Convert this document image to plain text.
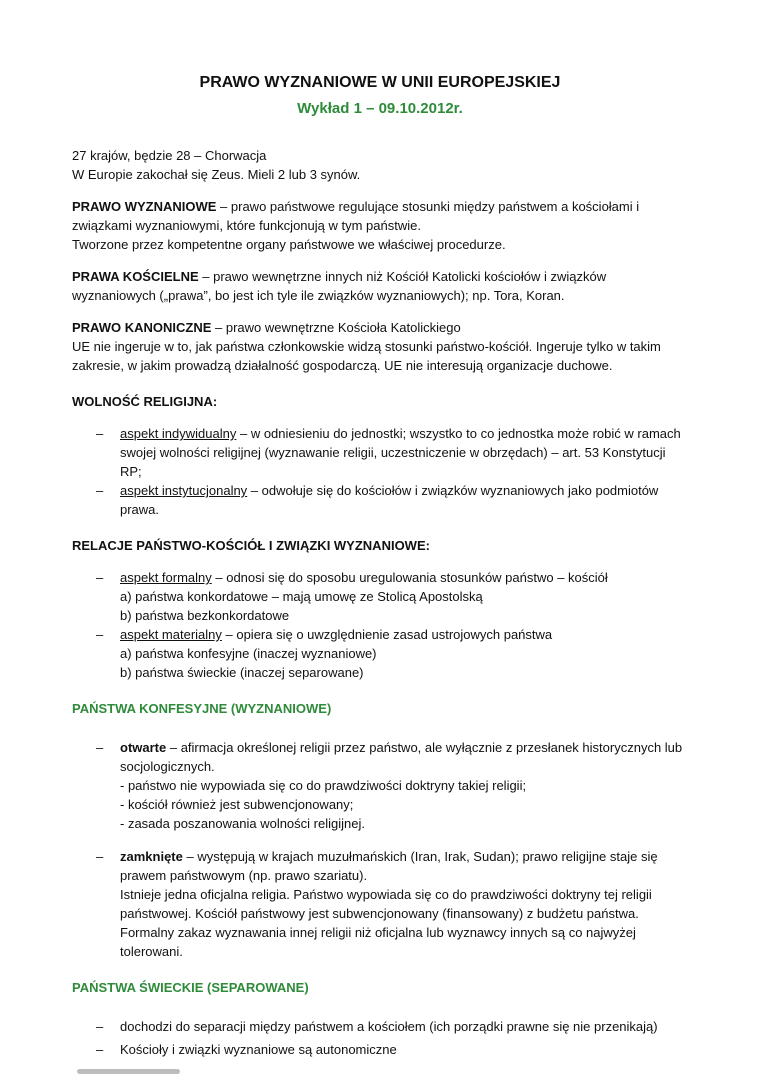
PRAWO WYZNANIOWE W UNII EUROPEJSKIEJ
Wykład 1 – 09.10.2012r.

27 krajów, będzie 28 – Chorwacja
W Europie zakochał się Zeus. Mieli 2 lub 3 synów.

PRAWO WYZNANIOWE – prawo państwowe regulujące stosunki między państwem a kościołami i związkami wyznaniowymi, które funkcjonują w tym państwie.
Tworzone przez kompetentne organy państwowe we właściwej procedurze.

PRAWA KOŚCIELNE – prawo wewnętrzne innych niż Kościół Katolicki kościołów i związków wyznaniowych („prawa”, bo jest ich tyle ile związków wyznaniowych); np. Tora, Koran.

PRAWO KANONICZNE – prawo wewnętrzne Kościoła Katolickiego
UE nie ingeruje w to, jak państwa członkowskie widzą stosunki państwo-kościół. Ingeruje tylko w takim zakresie, w jakim prowadzą działalność gospodarczą. UE nie interesują organizacje duchowe.

WOLNOŚĆ RELIGIJNA:

–	aspekt indywidualny – w odniesieniu do jednostki; wszystko to co jednostka może robić w ramach swojej wolności religijnej (wyznawanie religii, uczestniczenie w obrzędach) – art. 53 Konstytucji RP;
–	aspekt instytucjonalny – odwołuje się do kościołów i związków wyznaniowych jako podmiotów prawa.

RELACJE PAŃSTWO-KOŚCIÓŁ I ZWIĄZKI WYZNANIOWE:

–	aspekt formalny – odnosi się do sposobu uregulowania stosunków państwo – kościół
a) państwa konkordatowe – mają umowę ze Stolicą Apostolską
b) państwa bezkonkordatowe
–	aspekt materialny – opiera się o uwzględnienie zasad ustrojowych państwa
a) państwa konfesyjne (inaczej wyznaniowe)
b) państwa świeckie (inaczej separowane)

PAŃSTWA KONFESYJNE (WYZNANIOWE)

–	otwarte – afirmacja określonej religii przez państwo, ale wyłącznie z przesłanek historycznych lub socjologicznych.
- państwo nie wypowiada się co do prawdziwości doktryny takiej religii;
- kościół również jest subwencjonowany;
- zasada poszanowania wolności religijnej.
–	zamknięte – występują w krajach muzułmańskich (Iran, Irak, Sudan); prawo religijne staje się prawem państwowym (np. prawo szariatu).
Istnieje jedna oficjalna religia. Państwo wypowiada się co do prawdziwości doktryny tej religii państwowej. Kościół państwowy jest subwencjonowany (finansowany) z budżetu państwa. Formalny zakaz wyznawania innej religii niż oficjalna lub wyznawcy innych są co najwyżej tolerowani.

PAŃSTWA ŚWIECKIE (SEPAROWANE)

–	dochodzi do separacji między państwem a kościołem (ich porządki prawne się nie przenikają)
–	Kościoły i związki wyznaniowe są autonomiczne
